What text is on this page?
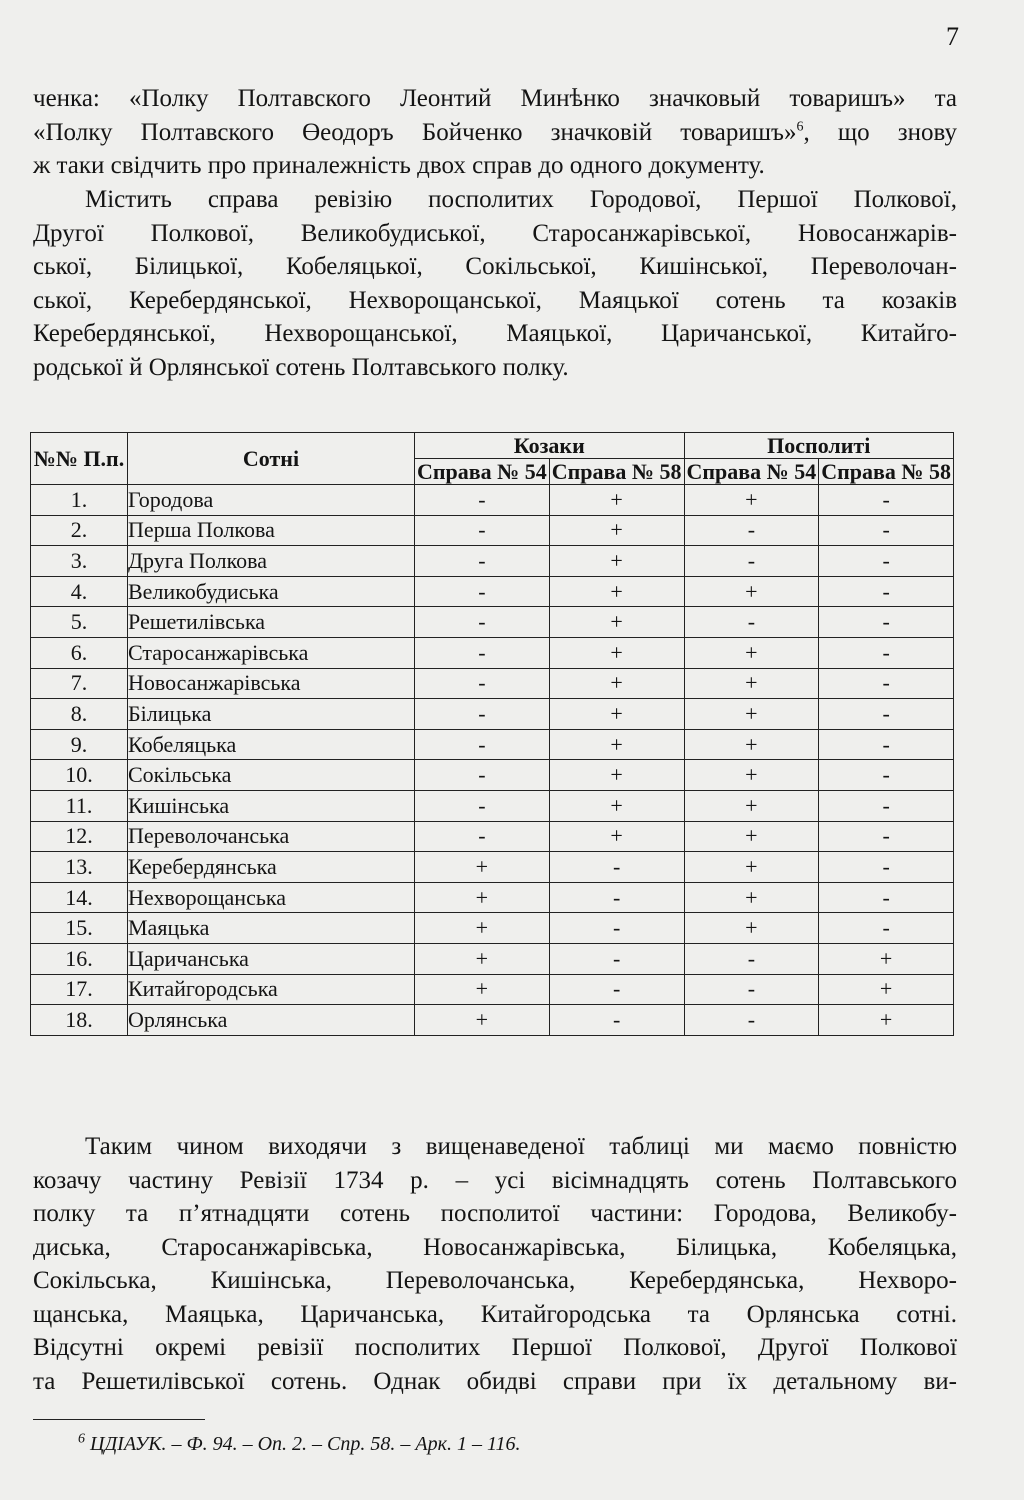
7
ченка: «Полку Полтавского Леонтий Минѣнко значковый товаришъ» та
«Полку Полтавского Өеодоръ Бойченко значковій товаришъ»$^6$, що знову
ж таки свідчить про приналежність двох справ до одного документу.
Містить справа ревізію посполитих Городової, Першої Полкової,
Другої Полкової, Великобудиської, Старосанжарівської, Новосанжарів-
ської, Білицької, Кобеляцької, Сокільської, Кишінської, Переволочан-
ської, Керебердянської, Нехворощанської, Маяцької сотень та козаків
Керебердянської, Нехворощанської, Маяцької, Царичанської, Китайго-
родської й Орлянської сотень Полтавського полку.
№№ П.п.	Сотні	Козаки		Посполиті	
		Справа № 54	Справа № 58	Справа № 54	Справа № 58
1.	Городова	-	+	+	-
2.	Перша Полкова	-	+	-	-
3.	Друга Полкова	-	+	-	-
4.	Великобудиська	-	+	+	-
5.	Решетилівська	-	+	-	-
6.	Старосанжарівська	-	+	+	-
7.	Новосанжарівська	-	+	+	-
8.	Білицька	-	+	+	-
9.	Кобеляцька	-	+	+	-
10.	Сокільська	-	+	+	-
11.	Кишінська	-	+	+	-
12.	Переволочанська	-	+	+	-
13.	Керебердянська	+	-	+	-
14.	Нехворощанська	+	-	+	-
15.	Маяцька	+	-	+	-
16.	Царичанська	+	-	-	+
17.	Китайгородська	+	-	-	+
18.	Орлянська	+	-	-	+
Таким чином виходячи з вищенаведеної таблиці ми маємо повністю
козачу частину Ревізії 1734 р. – усі вісімнадцять сотень Полтавського
полку та п’ятнадцяти сотень посполитої частини: Городова, Великобу-
диська, Старосанжарівська, Новосанжарівська, Білицька, Кобеляцька,
Сокільська, Кишінська, Переволочанська, Керебердянська, Нехворо-
щанська, Маяцька, Царичанська, Китайгородська та Орлянська сотні.
Відсутні окремі ревізії посполитих Першої Полкової, Другої Полкової
та Решетилівської сотень. Однак обидві справи при їх детальному ви-
$^6$ ЦДІАУК. – Ф. 94. – Оп. 2. – Спр. 58. – Арк. 1 – 116.
